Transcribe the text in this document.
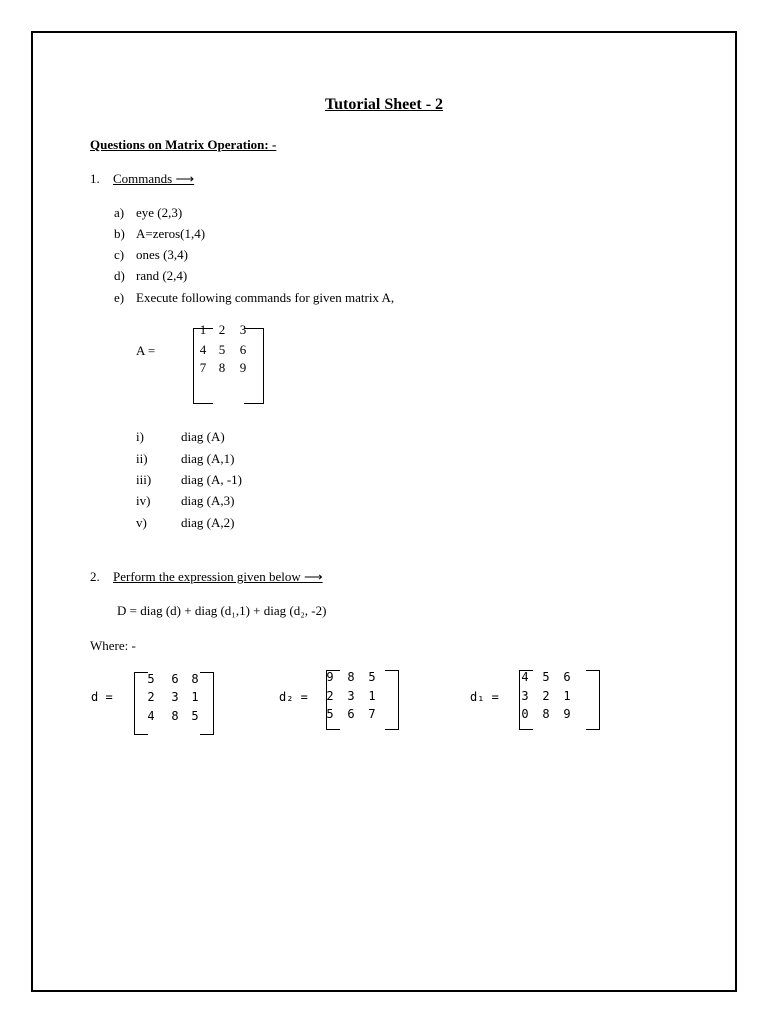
Tutorial Sheet - 2
Questions on Matrix Operation: -
1. Commands ⟶
a) eye (2,3)
b) A=zeros(1,4)
c) ones (3,4)
d) rand (2,4)
e) Execute following commands for given matrix A,
A =
1 2 3
4 5 6
7 8 9
i)	diag (A)
ii)	diag (A,1)
iii) diag (A, -1)
iv) diag (A,3)
v)	diag (A,2)
2. Perform the expression given below ⟶
D = diag (d) + diag (d₁,1) + diag (d₂, -2)
Where: -
d =
5 6 8
2 3 1
4 8 5
d₂ =
9 8 5
2 3 1
5 6 7
d₁ =
4 5 6
3 2 1
0 8 9
